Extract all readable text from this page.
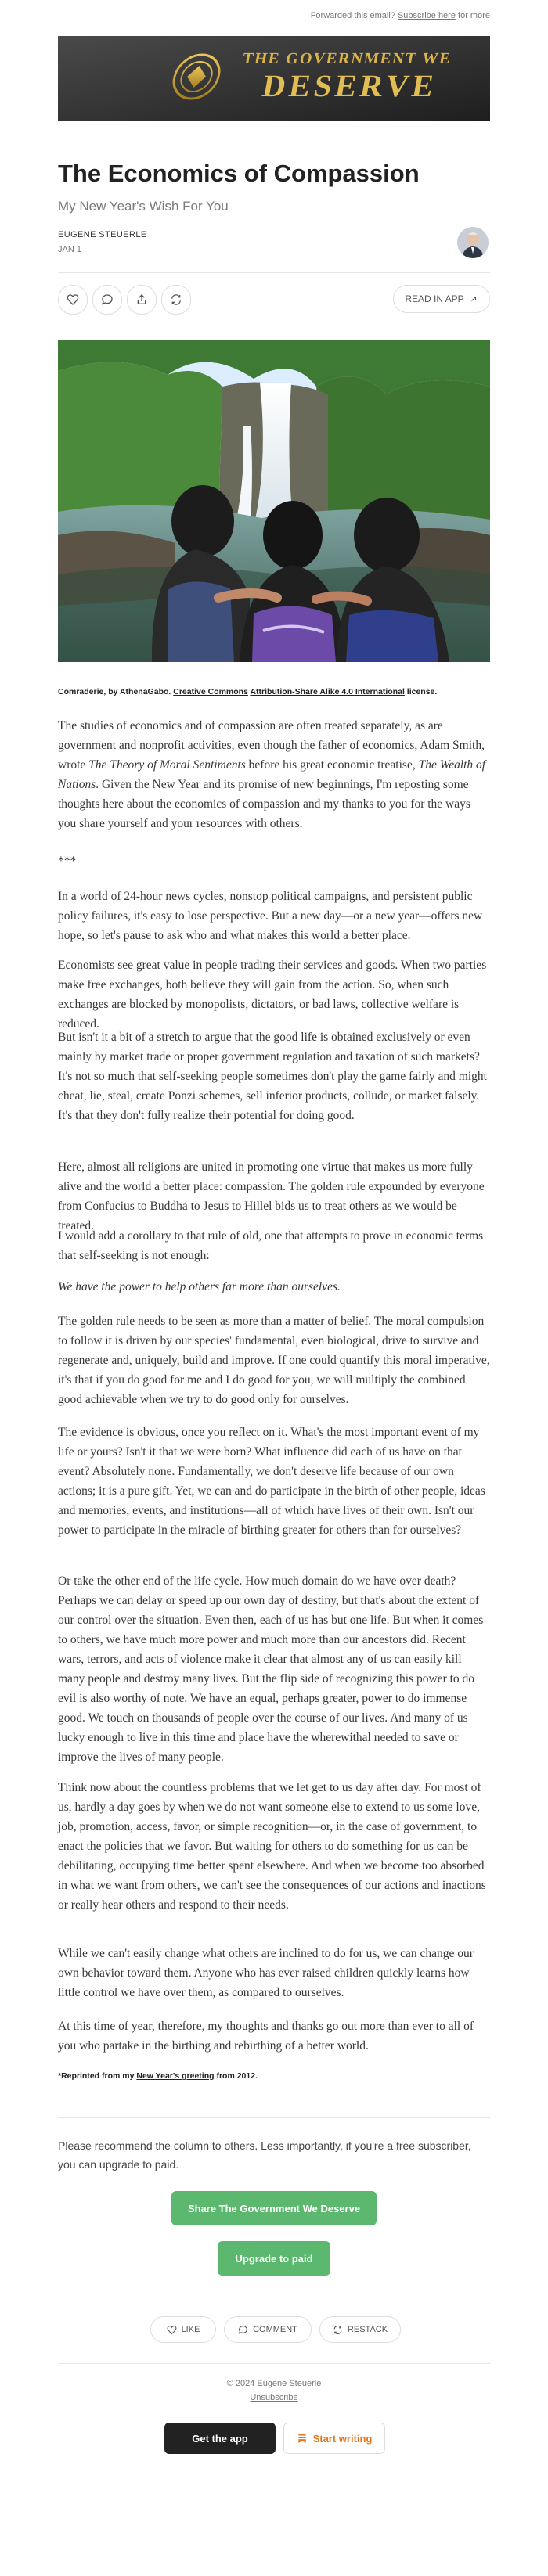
Forwarded this email? Subscribe here for more
THE GOVERNMENT WE
DESERVE
The Economics of Compassion
My New Year's Wish For You
EUGENE STEUERLE
JAN 1
READ IN APP
Comraderie, by AthenaGabo. Creative Commons Attribution-Share Alike 4.0 International license.

The studies of economics and of compassion are often treated separately, as are government and nonprofit activities, even though the father of economics, Adam Smith, wrote The Theory of Moral Sentiments before his great economic treatise, The Wealth of Nations. Given the New Year and its promise of new beginnings, I'm reposting some thoughts here about the economics of compassion and my thanks to you for the ways you share yourself and your resources with others.

***

In a world of 24-hour news cycles, nonstop political campaigns, and persistent public policy failures, it's easy to lose perspective. But a new day—or a new year—offers new hope, so let's pause to ask who and what makes this world a better place.

Economists see great value in people trading their services and goods. When two parties make free exchanges, both believe they will gain from the action. So, when such exchanges are blocked by monopolists, dictators, or bad laws, collective welfare is reduced.

But isn't it a bit of a stretch to argue that the good life is obtained exclusively or even mainly by market trade or proper government regulation and taxation of such markets? It's not so much that self-seeking people sometimes don't play the game fairly and might cheat, lie, steal, create Ponzi schemes, sell inferior products, collude, or market falsely. It's that they don't fully realize their potential for doing good.

Here, almost all religions are united in promoting one virtue that makes us more fully alive and the world a better place: compassion. The golden rule expounded by everyone from Confucius to Buddha to Jesus to Hillel bids us to treat others as we would be treated.

I would add a corollary to that rule of old, one that attempts to prove in economic terms that self-seeking is not enough:

We have the power to help others far more than ourselves.

The golden rule needs to be seen as more than a matter of belief. The moral compulsion to follow it is driven by our species' fundamental, even biological, drive to survive and regenerate and, uniquely, build and improve. If one could quantify this moral imperative, it's that if you do good for me and I do good for you, we will multiply the combined good achievable when we try to do good only for ourselves.

The evidence is obvious, once you reflect on it. What's the most important event of my life or yours? Isn't it that we were born? What influence did each of us have on that event? Absolutely none. Fundamentally, we don't deserve life because of our own actions; it is a pure gift. Yet, we can and do participate in the birth of other people, ideas and memories, events, and institutions—all of which have lives of their own. Isn't our power to participate in the miracle of birthing greater for others than for ourselves?

Or take the other end of the life cycle. How much domain do we have over death? Perhaps we can delay or speed up our own day of destiny, but that's about the extent of our control over the situation. Even then, each of us has but one life. But when it comes to others, we have much more power and much more than our ancestors did. Recent wars, terrors, and acts of violence make it clear that almost any of us can easily kill many people and destroy many lives. But the flip side of recognizing this power to do evil is also worthy of note. We have an equal, perhaps greater, power to do immense good. We touch on thousands of people over the course of our lives. And many of us lucky enough to live in this time and place have the wherewithal needed to save or improve the lives of many people.

Think now about the countless problems that we let get to us day after day. For most of us, hardly a day goes by when we do not want someone else to extend to us some love, job, promotion, access, favor, or simple recognition—or, in the case of government, to enact the policies that we favor. But waiting for others to do something for us can be debilitating, occupying time better spent elsewhere. And when we become too absorbed in what we want from others, we can't see the consequences of our actions and inactions or really hear others and respond to their needs.

While we can't easily change what others are inclined to do for us, we can change our own behavior toward them. Anyone who has ever raised children quickly learns how little control we have over them, as compared to ourselves.

At this time of year, therefore, my thoughts and thanks go out more than ever to all of you who partake in the birthing and rebirthing of a better world.

*Reprinted from my New Year's greeting from 2012.

Please recommend the column to others. Less importantly, if you're a free subscriber, you can upgrade to paid.

Share The Government We Deserve
Upgrade to paid
LIKE	COMMENT	RESTACK
© 2024 Eugene Steuerle
Unsubscribe
Get the app	Start writing
